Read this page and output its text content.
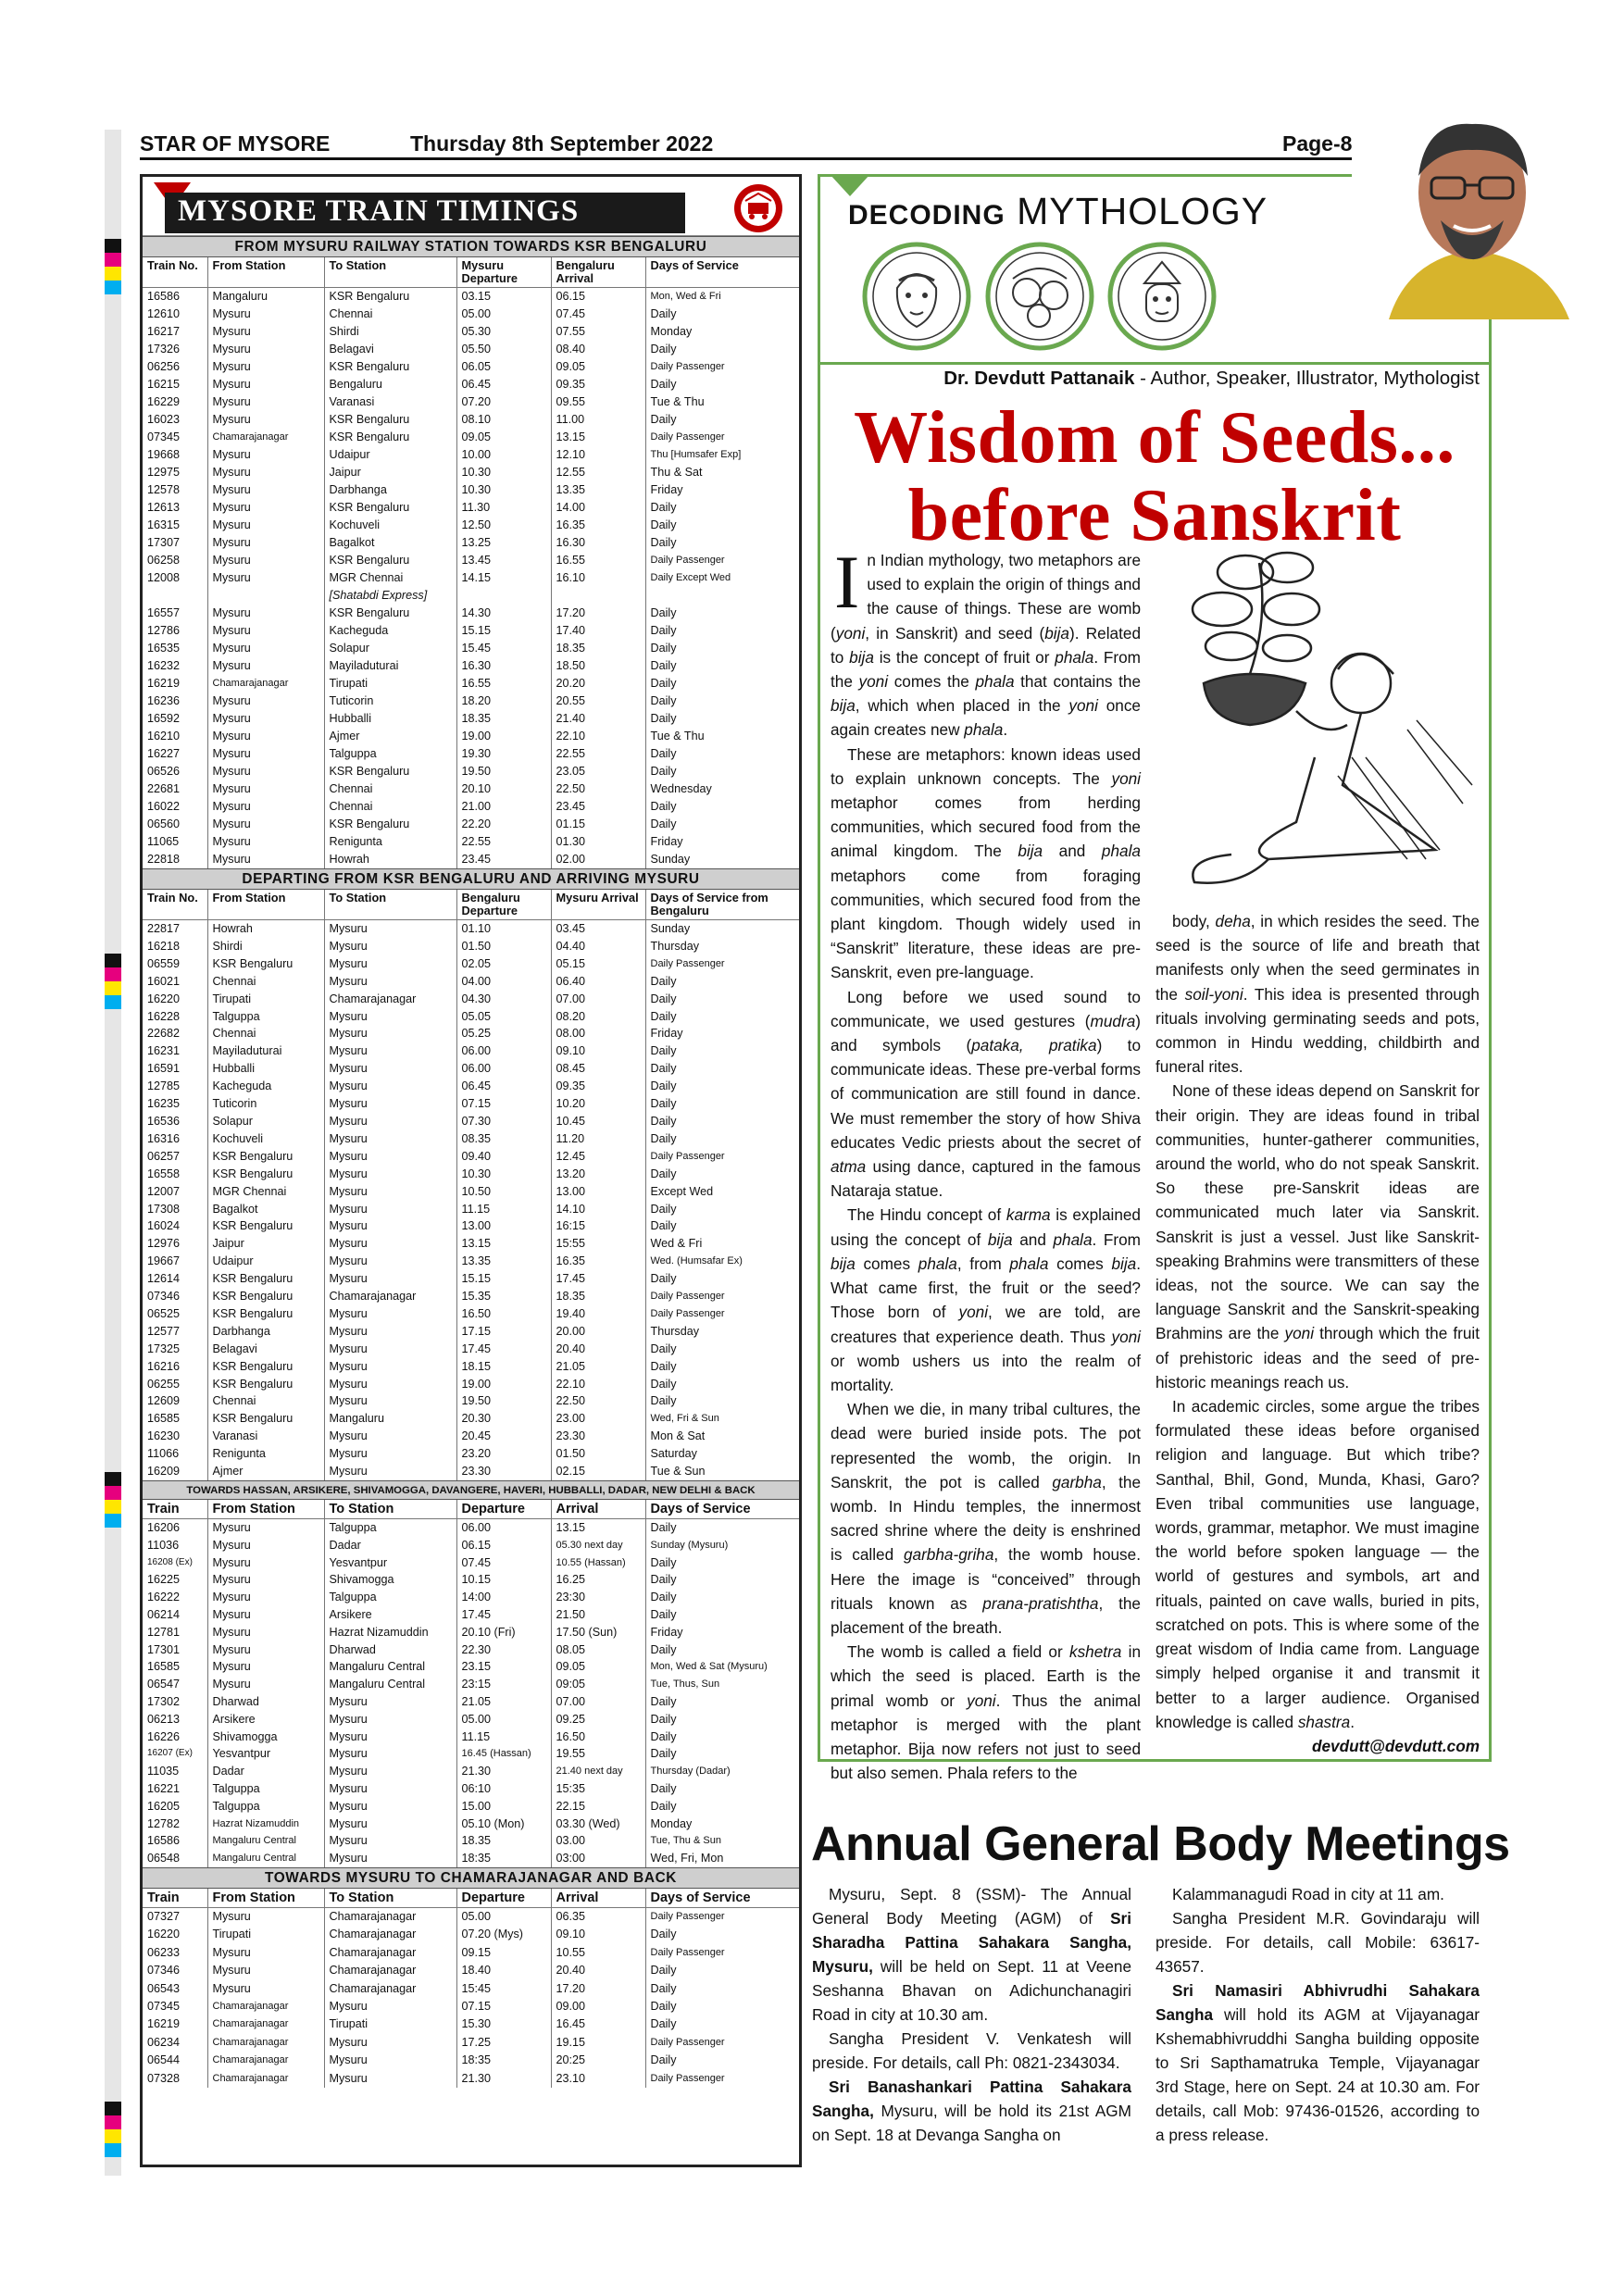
STAR OF MYSORE	Thursday 8th September 2022	Page-8
MYSORE TRAIN TIMINGS
FROM MYSURU RAILWAY STATION TOWARDS KSR BENGALURU
Train No.	From Station	To Station	Mysuru Departure	Bengaluru Arrival	Days of Service
16586	Mangaluru	KSR Bengaluru	03.15	06.15	Mon, Wed & Fri
12610	Mysuru	Chennai	05.00	07.45	Daily
16217	Mysuru	Shirdi	05.30	07.55	Monday
17326	Mysuru	Belagavi	05.50	08.40	Daily
06256	Mysuru	KSR Bengaluru	06.05	09.05	Daily Passenger
16215	Mysuru	Bengaluru	06.45	09.35	Daily
16229	Mysuru	Varanasi	07.20	09.55	Tue & Thu
16023	Mysuru	KSR Bengaluru	08.10	11.00	Daily
07345	Chamarajanagar	KSR Bengaluru	09.05	13.15	Daily Passenger
19668	Mysuru	Udaipur	10.00	12.10	Thu [Humsafer Exp]
12975	Mysuru	Jaipur	10.30	12.55	Thu & Sat
12578	Mysuru	Darbhanga	10.30	13.35	Friday
12613	Mysuru	KSR Bengaluru	11.30	14.00	Daily
16315	Mysuru	Kochuveli	12.50	16.35	Daily
17307	Mysuru	Bagalkot	13.25	16.30	Daily
06258	Mysuru	KSR Bengaluru	13.45	16.55	Daily Passenger
12008	Mysuru	MGR Chennai	14.15	16.10	Daily Except Wed
		[Shatabdi Express]			
16557	Mysuru	KSR Bengaluru	14.30	17.20	Daily
12786	Mysuru	Kacheguda	15.15	17.40	Daily
16535	Mysuru	Solapur	15.45	18.35	Daily
16232	Mysuru	Mayiladuturai	16.30	18.50	Daily
16219	Chamarajanagar	Tirupati	16.55	20.20	Daily
16236	Mysuru	Tuticorin	18.20	20.55	Daily
16592	Mysuru	Hubballi	18.35	21.40	Daily
16210	Mysuru	Ajmer	19.00	22.10	Tue & Thu
16227	Mysuru	Talguppa	19.30	22.55	Daily
06526	Mysuru	KSR Bengaluru	19.50	23.05	Daily
22681	Mysuru	Chennai	20.10	22.50	Wednesday
16022	Mysuru	Chennai	21.00	23.45	Daily
06560	Mysuru	KSR Bengaluru	22.20	01.15	Daily
11065	Mysuru	Renigunta	22.55	01.30	Friday
22818	Mysuru	Howrah	23.45	02.00	Sunday
DEPARTING FROM KSR BENGALURU AND ARRIVING MYSURU
Train No.	From Station	To Station	Bengaluru Departure	Mysuru Arrival	Days of Service from Bengaluru
22817	Howrah	Mysuru	01.10	03.45	Sunday
16218	Shirdi	Mysuru	01.50	04.40	Thursday
06559	KSR Bengaluru	Mysuru	02.05	05.15	Daily Passenger
16021	Chennai	Mysuru	04.00	06.40	Daily
16220	Tirupati	Chamarajanagar	04.30	07.00	Daily
16228	Talguppa	Mysuru	05.05	08.20	Daily
22682	Chennai	Mysuru	05.25	08.00	Friday
16231	Mayiladuturai	Mysuru	06.00	09.10	Daily
16591	Hubballi	Mysuru	06.00	08.45	Daily
12785	Kacheguda	Mysuru	06.45	09.35	Daily
16235	Tuticorin	Mysuru	07.15	10.20	Daily
16536	Solapur	Mysuru	07.30	10.45	Daily
16316	Kochuveli	Mysuru	08.35	11.20	Daily
06257	KSR Bengaluru	Mysuru	09.40	12.45	Daily Passenger
16558	KSR Bengaluru	Mysuru	10.30	13.20	Daily
12007	MGR Chennai	Mysuru	10.50	13.00	Except Wed
17308	Bagalkot	Mysuru	11.15	14.10	Daily
16024	KSR Bengaluru	Mysuru	13.00	16:15	Daily
12976	Jaipur	Mysuru	13.15	15:55	Wed & Fri
19667	Udaipur	Mysuru	13.35	16.35	Wed. (Humsafar Ex)
12614	KSR Bengaluru	Mysuru	15.15	17.45	Daily
07346	KSR Bengaluru	Chamarajanagar	15.35	18.35	Daily Passenger
06525	KSR Bengaluru	Mysuru	16.50	19.40	Daily Passenger
12577	Darbhanga	Mysuru	17.15	20.00	Thursday
17325	Belagavi	Mysuru	17.45	20.40	Daily
16216	KSR Bengaluru	Mysuru	18.15	21.05	Daily
06255	KSR Bengaluru	Mysuru	19.00	22.10	Daily
12609	Chennai	Mysuru	19.50	22.50	Daily
16585	KSR Bengaluru	Mangaluru	20.30	23.00	Wed, Fri & Sun
16230	Varanasi	Mysuru	20.45	23.30	Mon & Sat
11066	Renigunta	Mysuru	23.20	01.50	Saturday
16209	Ajmer	Mysuru	23.30	02.15	Tue & Sun
TOWARDS HASSAN, ARSIKERE, SHIVAMOGGA, DAVANGERE, HAVERI, HUBBALLI, DADAR, NEW DELHI & BACK
Train	From Station	To Station	Departure	Arrival	Days of Service
16206	Mysuru	Talguppa	06.00	13.15	Daily
11036	Mysuru	Dadar	06.15	05.30 next day	Sunday (Mysuru)
16208 (Ex)	Mysuru	Yesvantpur	07.45	10.55 (Hassan)	Daily
16225	Mysuru	Shivamogga	10.15	16.25	Daily
16222	Mysuru	Talguppa	14:00	23:30	Daily
06214	Mysuru	Arsikere	17.45	21.50	Daily
12781	Mysuru	Hazrat Nizamuddin	20.10 (Fri)	17.50 (Sun)	Friday
17301	Mysuru	Dharwad	22.30	08.05	Daily
16585	Mysuru	Mangaluru Central	23.15	09.05	Mon, Wed & Sat (Mysuru)
06547	Mysuru	Mangaluru Central	23:15	09:05	Tue, Thus, Sun
17302	Dharwad	Mysuru	21.05	07.00	Daily
06213	Arsikere	Mysuru	05.00	09.25	Daily
16226	Shivamogga	Mysuru	11.15	16.50	Daily
16207 (Ex)	Yesvantpur	Mysuru	16.45 (Hassan)	19.55	Daily
11035	Dadar	Mysuru	21.30	21.40 next day	Thursday (Dadar)
16221	Talguppa	Mysuru	06:10	15:35	Daily
16205	Talguppa	Mysuru	15.00	22.15	Daily
12782	Hazrat Nizamuddin	Mysuru	05.10 (Mon)	03.30 (Wed)	Monday
16586	Mangaluru Central	Mysuru	18.35	03.00	Tue, Thu & Sun
06548	Mangaluru Central	Mysuru	18:35	03:00	Wed, Fri, Mon
TOWARDS MYSURU TO CHAMARAJANAGAR AND BACK
Train	From Station	To Station	Departure	Arrival	Days of Service
07327	Mysuru	Chamarajanagar	05.00	06.35	Daily Passenger
16220	Tirupati	Chamarajanagar	07.20 (Mys)	09.10	Daily
06233	Mysuru	Chamarajanagar	09.15	10.55	Daily Passenger
07346	Mysuru	Chamarajanagar	18.40	20.40	Daily
06543	Mysuru	Chamarajanagar	15:45	17.20	Daily
07345	Chamarajanagar	Mysuru	07.15	09.00	Daily
16219	Chamarajanagar	Tirupati	15.30	16.45	Daily
06234	Chamarajanagar	Mysuru	17.25	19.15	Daily Passenger
06544	Chamarajanagar	Mysuru	18:35	20:25	Daily
07328	Chamarajanagar	Mysuru	21.30	23.10	Daily Passenger
DECODING MYTHOLOGY
Dr. Devdutt Pattanaik - Author, Speaker, Illustrator, Mythologist
Wisdom of Seeds...
before Sanskrit

In Indian mythology, two metaphors are used to explain the origin of things and the cause of things. These are womb (yoni, in Sanskrit) and seed (bija). Related to bija is the concept of fruit or phala. From the yoni comes the phala that contains the bija, which when placed in the yoni once again creates new phala.

These are metaphors: known ideas used to explain unknown concepts. The yoni metaphor comes from herding communities, which secured food from the animal kingdom. The bija and phala metaphors come from foraging communities, which secured food from the plant kingdom. Though widely used in “Sanskrit” literature, these ideas are pre-Sanskrit, even pre-language.

Long before we used sound to communicate, we used gestures (mudra) and symbols (pataka, pratika) to communicate ideas. These pre-verbal forms of communication are still found in dance. We must remember the story of how Shiva educates Vedic priests about the secret of atma using dance, captured in the famous Nataraja statue.

The Hindu concept of karma is explained using the concept of bija and phala. From bija comes phala, from phala comes bija. What came first, the fruit or the seed? Those born of yoni, we are told, are creatures that experience death. Thus yoni or womb ushers us into the realm of mortality.

When we die, in many tribal cultures, the dead were buried inside pots. The pot represented the womb, the origin. In Sanskrit, the pot is called garbha, the womb. In Hindu temples, the innermost sacred shrine where the deity is enshrined is called garbha-griha, the womb house. Here the image is “conceived” through rituals known as prana-pratishtha, the placement of the breath.

The womb is called a field or kshetra in which the seed is placed. Earth is the primal womb or yoni. Thus the animal metaphor is merged with the plant metaphor. Bija now refers not just to seed but also semen. Phala refers to the

body, deha, in which resides the seed. The seed is the source of life and breath that manifests only when the seed germinates in the soil-yoni. This idea is presented through rituals involving germinating seeds and pots, common in Hindu wedding, childbirth and funeral rites.

None of these ideas depend on Sanskrit for their origin. They are ideas found in tribal communities, hunter-gatherer communities, around the world, who do not speak Sanskrit. So these pre-Sanskrit ideas are communicated much later via Sanskrit. Sanskrit is just a vessel. Just like Sanskrit-speaking Brahmins were transmitters of these ideas, not the source. We can say the language Sanskrit and the Sanskrit-speaking Brahmins are the yoni through which the fruit of prehistoric ideas and the seed of pre-historic meanings reach us.

In academic circles, some argue the tribes formulated these ideas before organised religion and language. But which tribe? Santhal, Bhil, Gond, Munda, Khasi, Garo? Even tribal communities use language, words, grammar, metaphor. We must imagine the world before spoken language — the world of gestures and symbols, art and rituals, painted on cave walls, buried in pits, scratched on pots. This is where some of the great wisdom of India came from. Language simply helped organise it and transmit it better to a larger audience. Organised knowledge is called shastra.

devdutt@devdutt.com

Annual General Body Meetings

Mysuru, Sept. 8 (SSM)- The Annual General Body Meeting (AGM) of Sri Sharadha Pattina Sahakara Sangha, Mysuru, will be held on Sept. 11 at Veene Seshanna Bhavan on Adichunchanagiri Road in city at 10.30 am.

Sangha President V. Venkatesh will preside. For details, call Ph: 0821-2343034.

Sri Banashankari Pattina Sahakara Sangha, Mysuru, will be hold its 21st AGM on Sept. 18 at Devanga Sangha on

Kalammanagudi Road in city at 11 am.

Sangha President M.R. Govindaraju will preside. For details, call Mobile: 63617-43657.

Sri Namasiri Abhivrudhi Sahakara Sangha will hold its AGM at Vijayanagar Kshemabhivruddhi Sangha building opposite to Sri Sapthamatruka Temple, Vijayanagar 3rd Stage, here on Sept. 24 at 10.30 am. For details, call Mob: 97436-01526, according to a press release.
